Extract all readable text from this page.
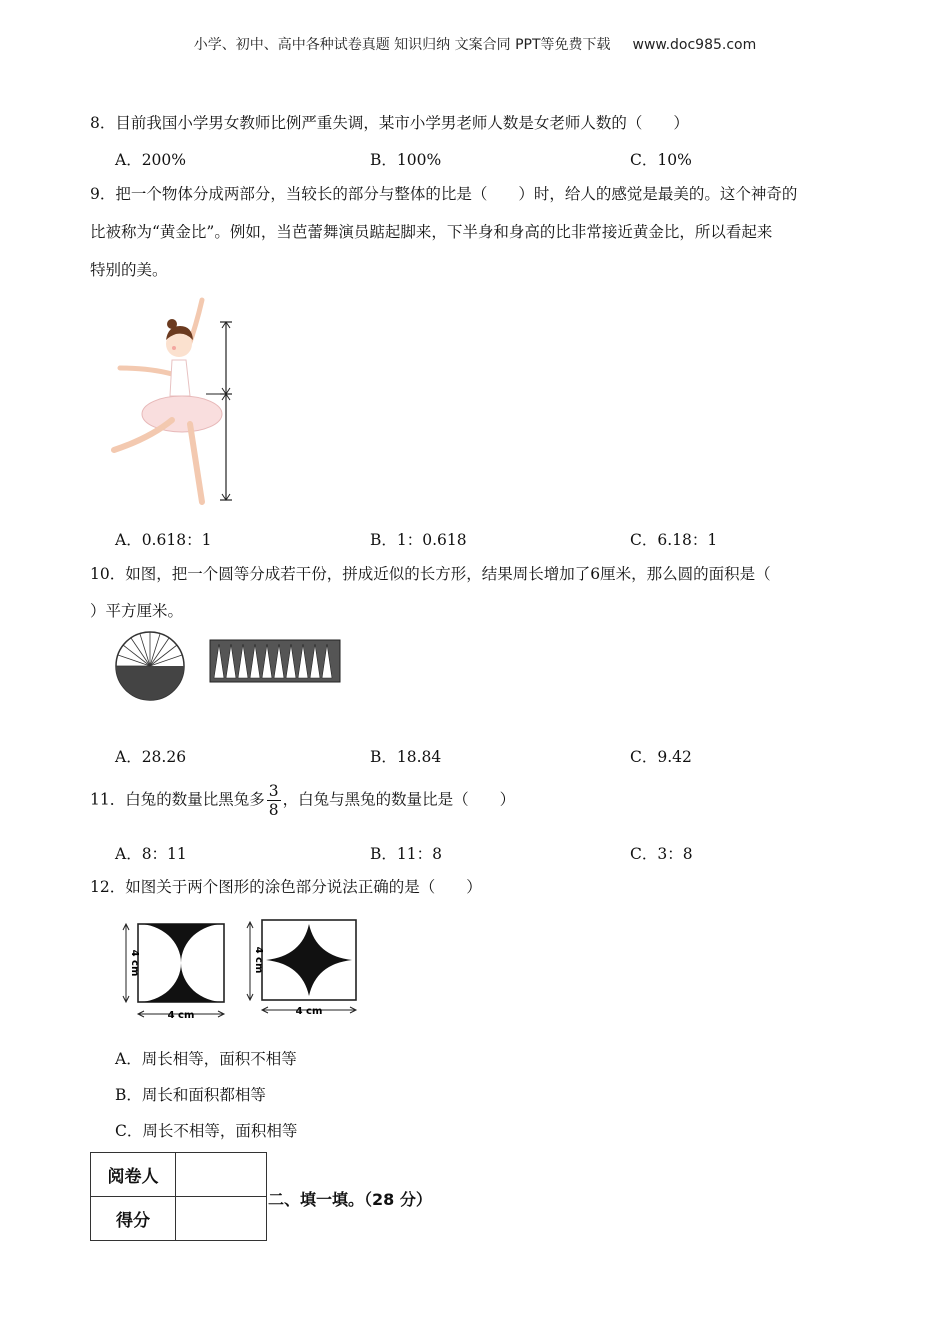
小学、初中、高中各种试卷真题 知识归纳 文案合同 PPT等免费下载 www.doc985.com
8．目前我国小学男女教师比例严重失调，某市小学男老师人数是女老师人数的（　　）
A．200%	B．100%	C．10%
9．把一个物体分成两部分，当较长的部分与整体的比是（　　）时，给人的感觉是最美的。这个神奇的
比被称为“黄金比”。例如，当芭蕾舞演员踮起脚来，下半身和身高的比非常接近黄金比，所以看起来
特别的美。
A．0.618：1	B．1：0.618	C．6.18：1
10．如图，把一个圆等分成若干份，拼成近似的长方形，结果周长增加了6厘米，那么圆的面积是（
）平方厘米。
A．28.26	B．18.84	C．9.42
11．白兔的数量比黑兔多 $\frac{3}{8}$ ，白兔与黑兔的数量比是（　　）
A．8：11	B．11：8	C．3：8
12．如图关于两个图形的涂色部分说法正确的是（　　）
4 cm
4 cm
4 cm
4 cm
A．周长相等，面积不相等
B．周长和面积都相等
C．周长不相等，面积相等
阅卷人	
得分	
二、填一填。（28 分）
